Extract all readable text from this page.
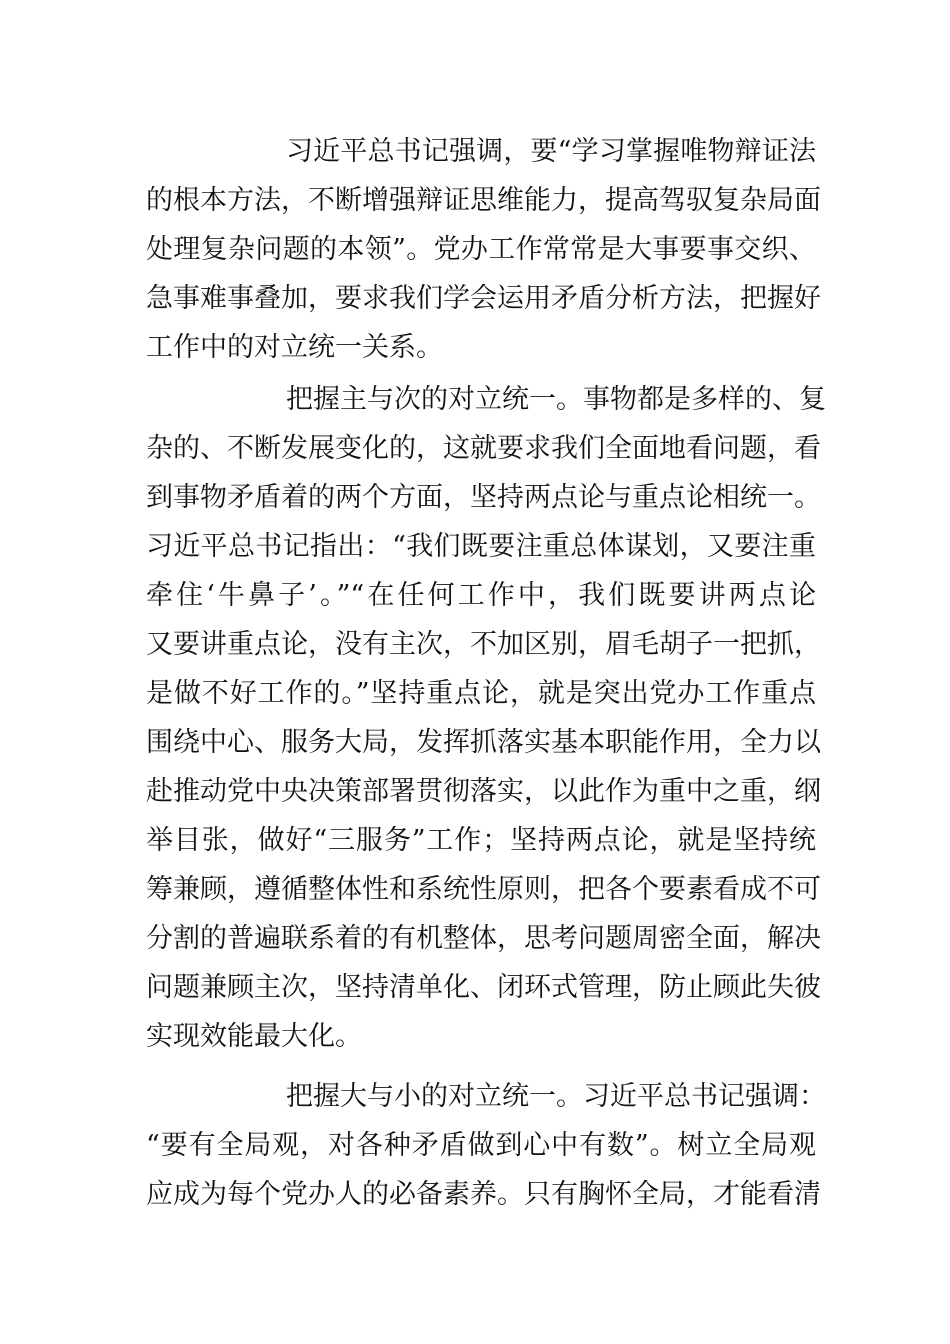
习近平总书记强调，要“学习掌握唯物辩证法
的根本方法，不断增强辩证思维能力，提高驾驭复杂局面
处理复杂问题的本领”。党办工作常常是大事要事交织、
急事难事叠加，要求我们学会运用矛盾分析方法，把握好
工作中的对立统一关系。
把握主与次的对立统一。事物都是多样的、复
杂的、不断发展变化的，这就要求我们全面地看问题，看
到事物矛盾着的两个方面，坚持两点论与重点论相统一。
习近平总书记指出：“我们既要注重总体谋划，又要注重
牵住‘牛鼻子’。”“在任何工作中，我们既要讲两点论
又要讲重点论，没有主次，不加区别，眉毛胡子一把抓，
是做不好工作的。”坚持重点论，就是突出党办工作重点
围绕中心、服务大局，发挥抓落实基本职能作用，全力以
赴推动党中央决策部署贯彻落实，以此作为重中之重，纲
举目张，做好“三服务”工作；坚持两点论，就是坚持统
筹兼顾，遵循整体性和系统性原则，把各个要素看成不可
分割的普遍联系着的有机整体，思考问题周密全面，解决
问题兼顾主次，坚持清单化、闭环式管理，防止顾此失彼
实现效能最大化。
把握大与小的对立统一。习近平总书记强调：
“要有全局观，对各种矛盾做到心中有数”。树立全局观
应成为每个党办人的必备素养。只有胸怀全局，才能看清
